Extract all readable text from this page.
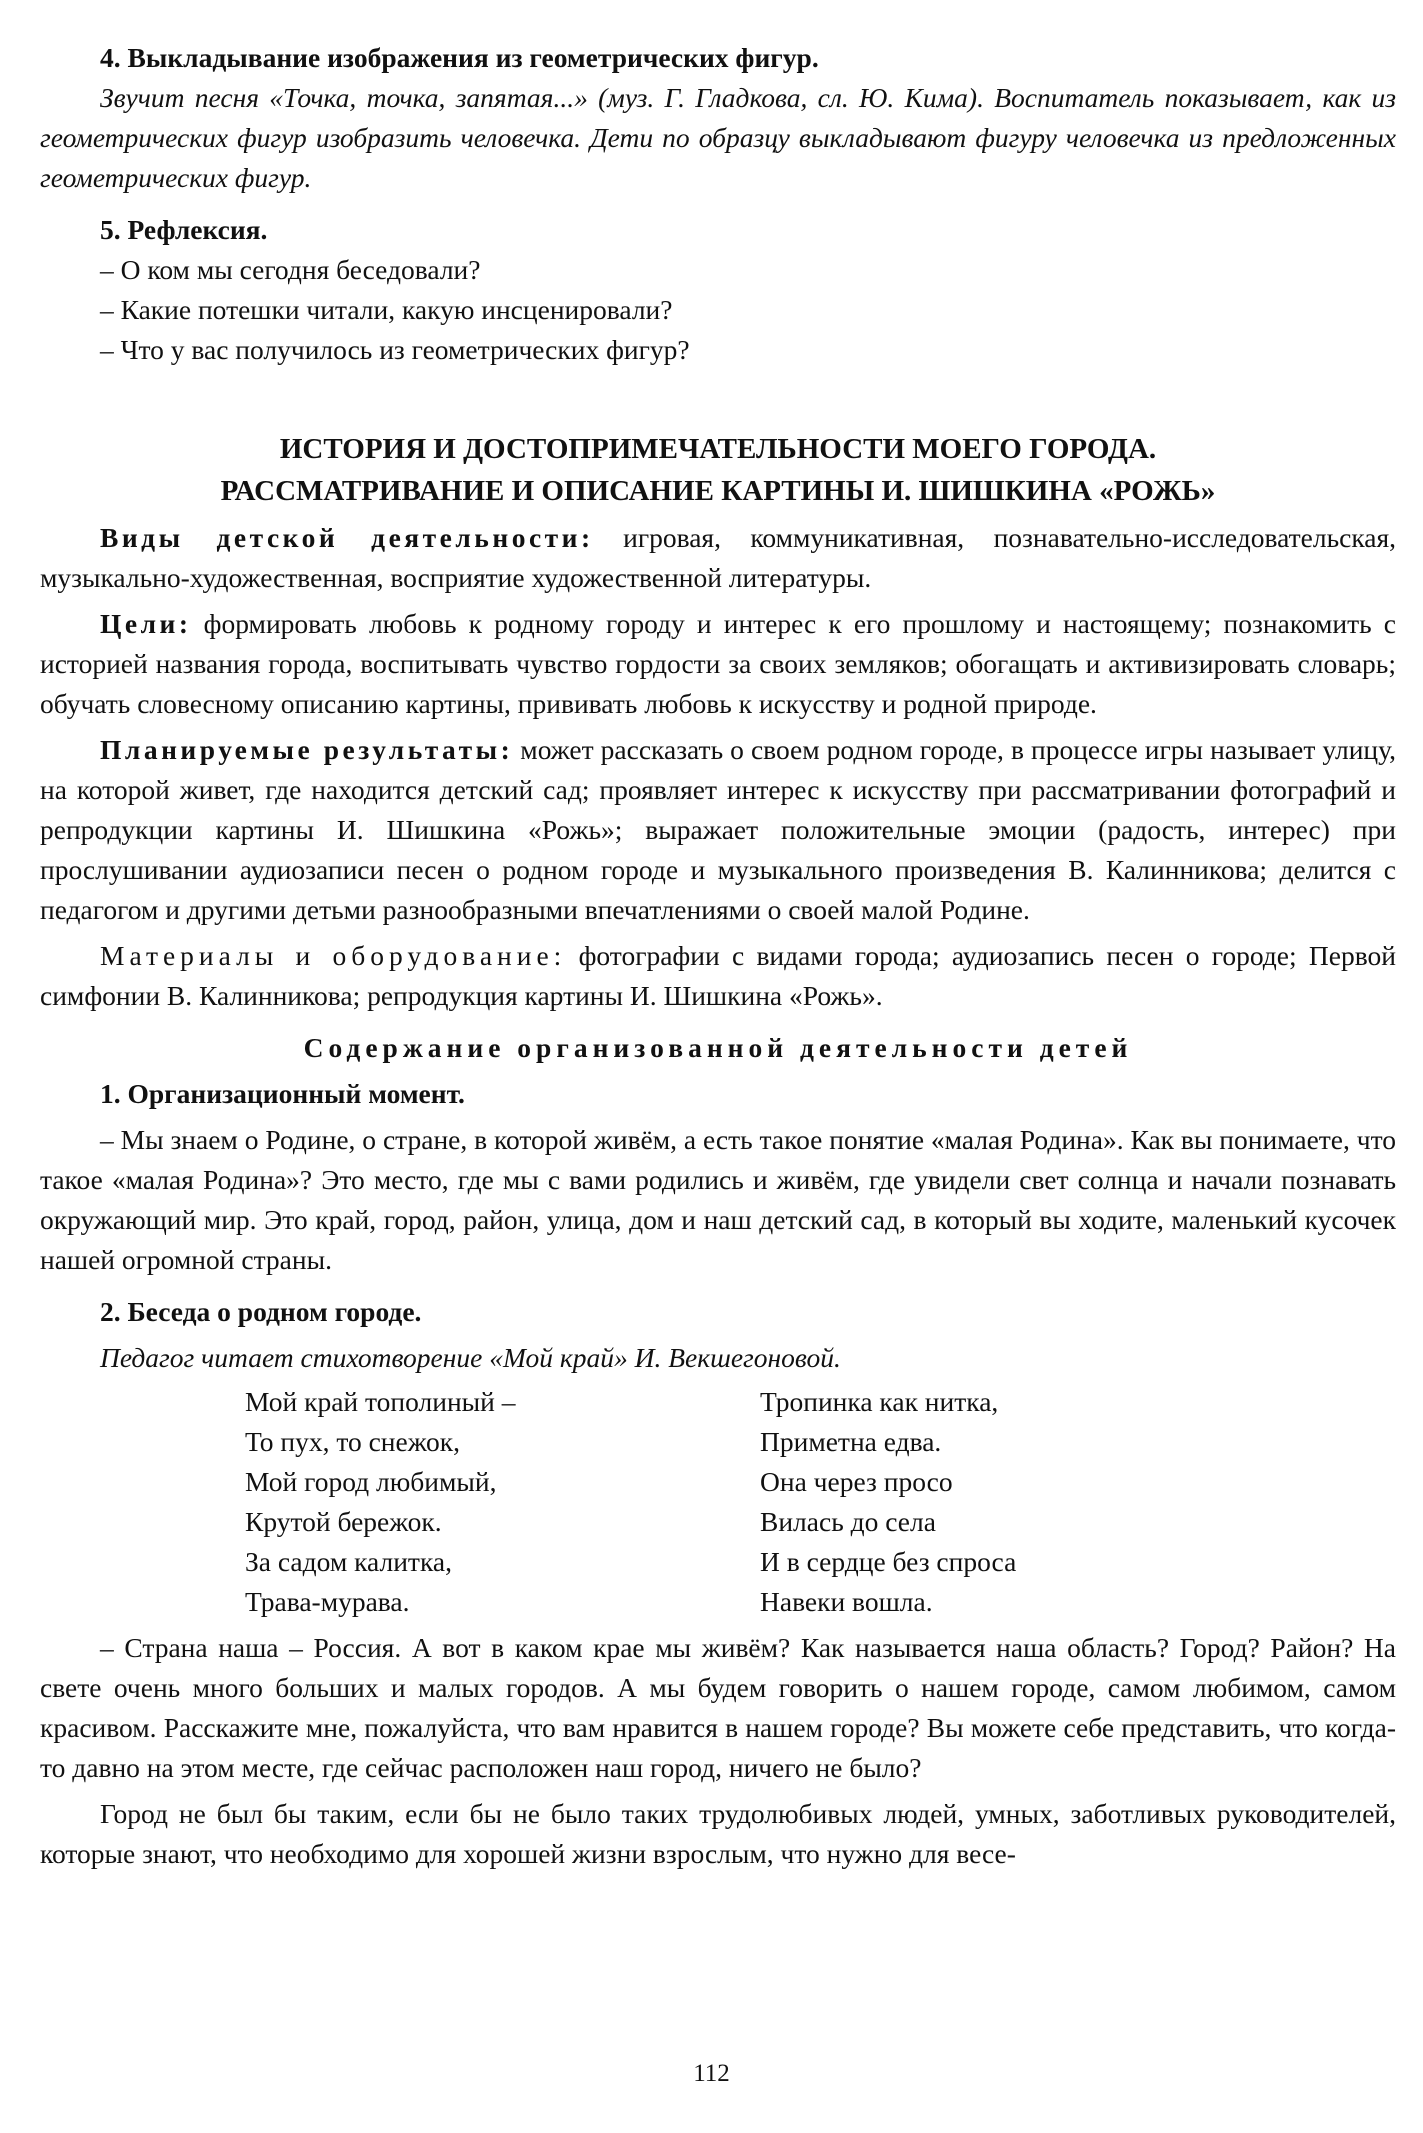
4. Выкладывание изображения из геометрических фигур.

Звучит песня «Точка, точка, запятая...» (муз. Г. Гладкова, сл. Ю. Кима). Воспитатель показывает, как из геометрических фигур изобразить человечка. Дети по образцу выкладывают фигуру человечка из предложенных геометрических фигур.

5. Рефлексия.

– О ком мы сегодня беседовали?

– Какие потешки читали, какую инсценировали?

– Что у вас получилось из геометрических фигур?

ИСТОРИЯ И ДОСТОПРИМЕЧАТЕЛЬНОСТИ МОЕГО ГОРОДА.
РАССМАТРИВАНИЕ И ОПИСАНИЕ КАРТИНЫ И. ШИШКИНА «РОЖЬ»

Виды детской деятельности: игровая, коммуникативная, познавательно-исследовательская, музыкально-художественная, восприятие художественной литературы.

Цели: формировать любовь к родному городу и интерес к его прошлому и настоящему; познакомить с историей названия города, воспитывать чувство гордости за своих земляков; обогащать и активизировать словарь; обучать словесному описанию картины, прививать любовь к искусству и родной природе.

Планируемые результаты: может рассказать о своем родном городе, в процессе игры называет улицу, на которой живет, где находится детский сад; проявляет интерес к искусству при рассматривании фотографий и репродукции картины И. Шишкина «Рожь»; выражает положительные эмоции (радость, интерес) при прослушивании аудиозаписи песен о родном городе и музыкального произведения В. Калинникова; делится с педагогом и другими детьми разнообразными впечатлениями о своей малой Родине.

Материалы и оборудование: фотографии с видами города; аудиозапись песен о городе; Первой симфонии В. Калинникова; репродукция картины И. Шишкина «Рожь».

Содержание организованной деятельности детей

1. Организационный момент.

– Мы знаем о Родине, о стране, в которой живём, а есть такое понятие «малая Родина». Как вы понимаете, что такое «малая Родина»? Это место, где мы с вами родились и живём, где увидели свет солнца и начали познавать окружающий мир. Это край, город, район, улица, дом и наш детский сад, в который вы ходите, маленький кусочек нашей огромной страны.

2. Беседа о родном городе.

Педагог читает стихотворение «Мой край» И. Векшегоновой.

Мой край тополиный –
То пух, то снежок,
Мой город любимый,
Крутой бережок.
За садом калитка,
Трава-мурава.
Тропинка как нитка,
Приметна едва.
Она через просо
Вилась до села
И в сердце без спроса
Навеки вошла.

– Страна наша – Россия. А вот в каком крае мы живём? Как называется наша область? Город? Район? На свете очень много больших и малых городов. А мы будем говорить о нашем городе, самом любимом, самом красивом. Расскажите мне, пожалуйста, что вам нравится в нашем городе? Вы можете себе представить, что когда-то давно на этом месте, где сейчас расположен наш город, ничего не было?

Город не был бы таким, если бы не было таких трудолюбивых людей, умных, заботливых руководителей, которые знают, что необходимо для хорошей жизни взрослым, что нужно для весе-

112
